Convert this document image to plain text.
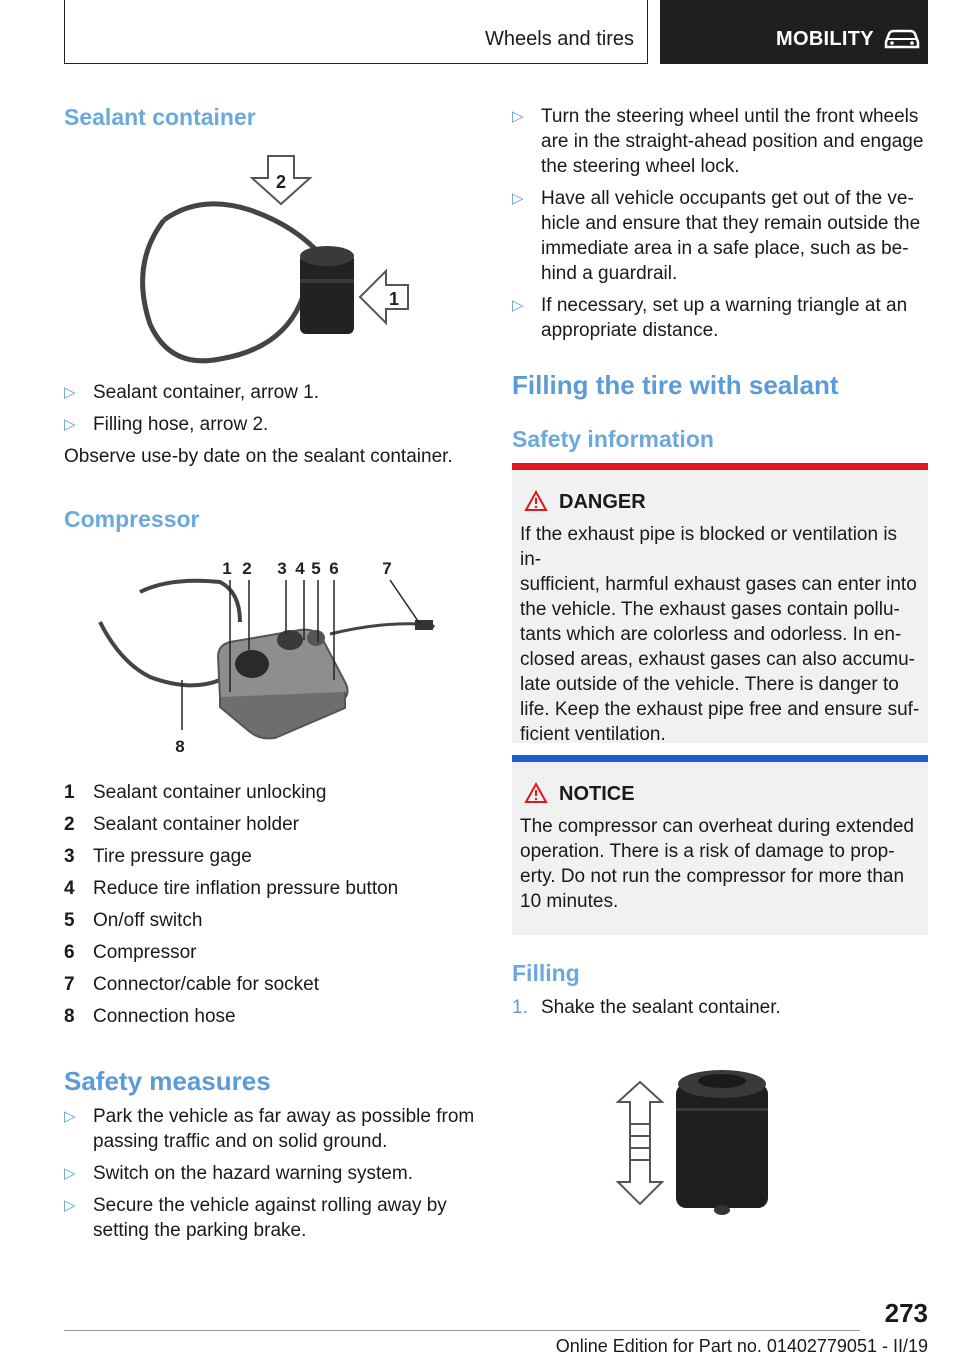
Wheels and tires	MOBILITY
Sealant container
2
1
▷ Sealant container, arrow 1.
▷ Filling hose, arrow 2.
Observe use-by date on the sealant container.
Compressor
1 2 3 4 5 6	7
8
1 Sealant container unlocking
2 Sealant container holder
3 Tire pressure gage
4 Reduce tire inflation pressure button
5 On/off switch
6 Compressor
7 Connector/cable for socket
8 Connection hose
Safety measures
▷ Park the vehicle as far away as possible from
passing traffic and on solid ground.
▷ Switch on the hazard warning system.
▷ Secure the vehicle against rolling away by
setting the parking brake.
▷ Turn the steering wheel until the front wheels
are in the straight-ahead position and engage
the steering wheel lock.
▷ Have all vehicle occupants get out of the ve‐
hicle and ensure that they remain outside the
immediate area in a safe place, such as be‐
hind a guardrail.
▷ If necessary, set up a warning triangle at an
appropriate distance.
Filling the tire with sealant
Safety information
DANGER
If the exhaust pipe is blocked or ventilation is in‐
sufficient, harmful exhaust gases can enter into
the vehicle. The exhaust gases contain pollu‐
tants which are colorless and odorless. In en‐
closed areas, exhaust gases can also accumu‐
late outside of the vehicle. There is danger to
life. Keep the exhaust pipe free and ensure suf‐
ficient ventilation.
NOTICE
The compressor can overheat during extended
operation. There is a risk of damage to prop‐
erty. Do not run the compressor for more than
10 minutes.
Filling
1. Shake the sealant container.
273
Online Edition for Part no. 01402779051 - II/19
